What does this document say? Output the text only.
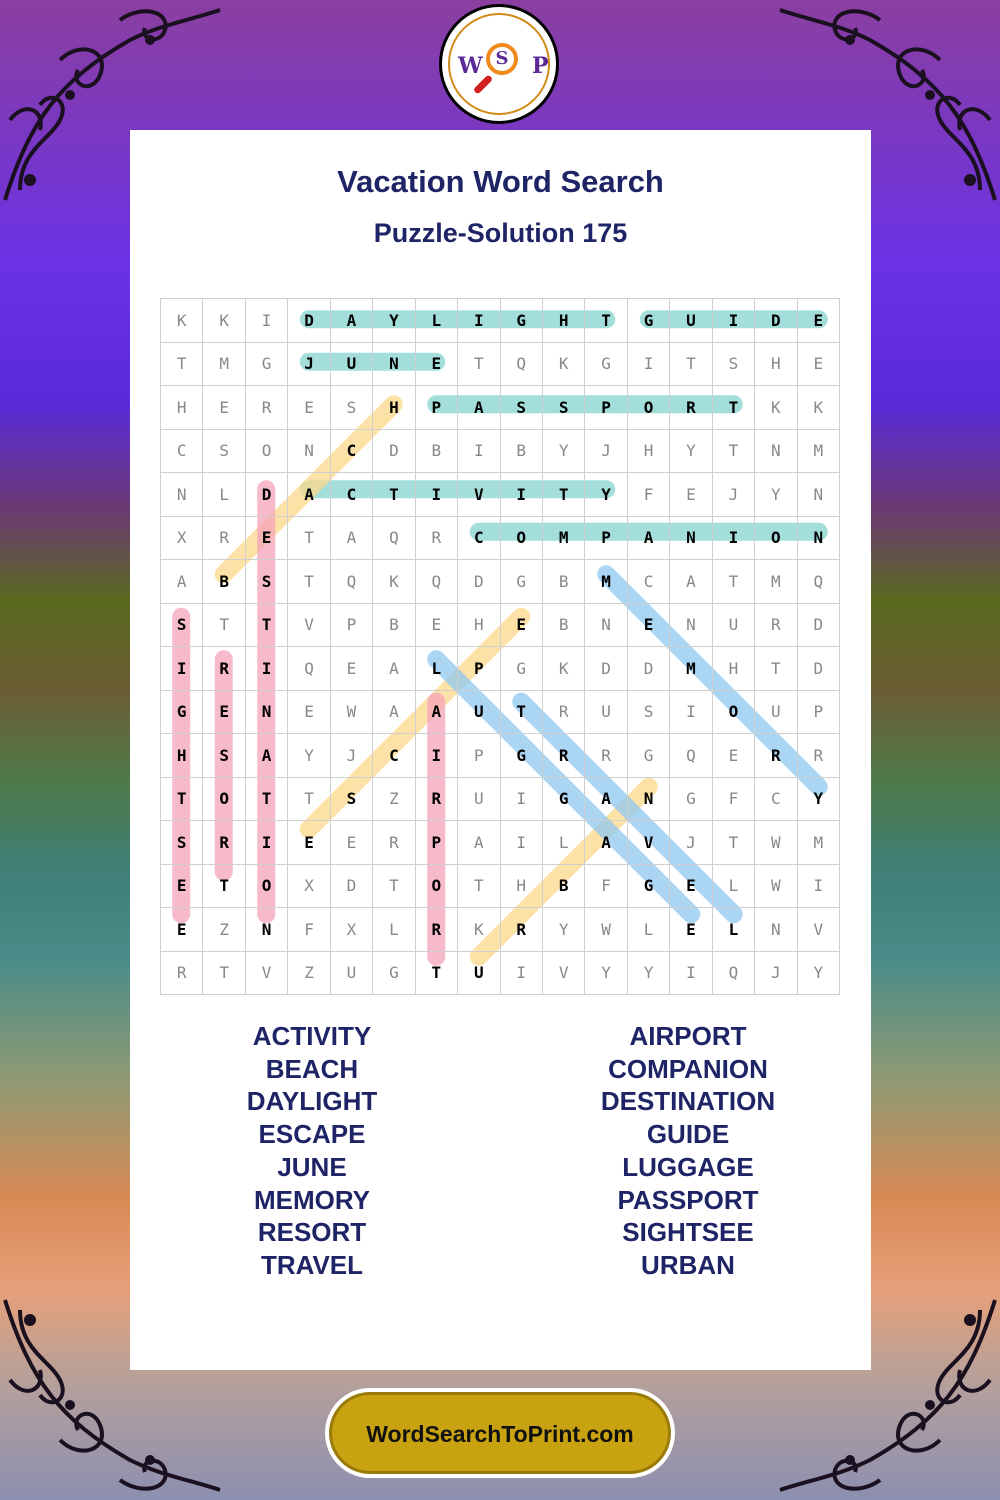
W S	P
Vacation Word Search
Puzzle-Solution 175
K	K	I	D	A	Y	L	I	G	H	T	G	U	I	D	E
T	M	G	J	U	N	E	T	Q	K	G	I	T	S	H	E
H	E	R	E	S	H	P	A	S	S	P	O	R	T	K	K
C	S	O	N	C	D	B	I	B	Y	J	H	Y	T	N	M
N	L	D	A	C	T	I	V	I	T	Y	F	E	J	Y	N
X	R	E	T	A	Q	R	C	O	M	P	A	N	I	O	N
A	B	S	T	Q	K	Q	D	G	B	M	C	A	T	M	Q
S	T	T	V	P	B	E	H	E	B	N	E	N	U	R	D
I	R	I	Q	E	A	L	P	G	K	D	D	M	H	T	D
G	E	N	E	W	A	A	U	T	R	U	S	I	O	U	P
H	S	A	Y	J	C	I	P	G	R	R	G	Q	E	R	R
T	O	T	T	S	Z	R	U	I	G	A	N	G	F	C	Y
S	R	I	E	E	R	P	A	I	L	A	V	J	T	W	M
E	T	O	X	D	T	O	T	H	B	F	G	E	L	W	I
E	Z	N	F	X	L	R	K	R	Y	W	L	E	L	N	V
R	T	V	Z	U	G	T	U	I	V	Y	Y	I	Q	J	Y
ACTIVITY
BEACH
DAYLIGHT
ESCAPE
JUNE
MEMORY
RESORT
TRAVEL
AIRPORT
COMPANION
DESTINATION
GUIDE
LUGGAGE
PASSPORT
SIGHTSEE
URBAN
WordSearchToPrint.com
